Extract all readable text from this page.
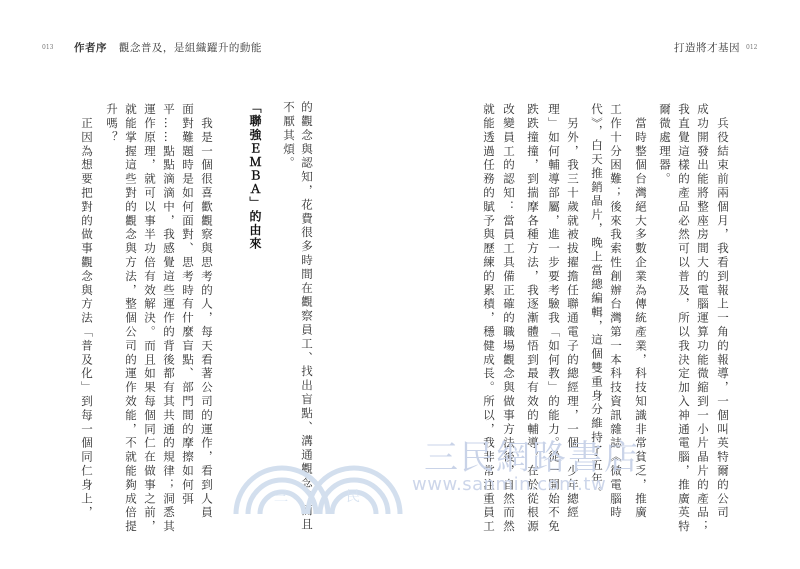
013 作者序 觀念普及，是組織躍升的動能
的觀念與認知，花費很多時間在觀察員工、找出盲點、溝通觀念，而且
不厭其煩。
「聯強ＥＭＢＡ」的由來
　我是一個很喜歡觀察與思考的人，每天看著公司的運作，看到人員
面對難題時是如何面對、思考時有什麼盲點、部門間的摩擦如何弭
平……點點滴滴中，我感覺這些運作的背後都有其共通的規律；洞悉其
運作原理，就可以事半功倍有效解決。而且如果每個同仁在做事之前，
就能掌握這些對的觀念與方法，整個公司的運作效能，不就能夠成倍提
升嗎？
　正因為想要把對的做事觀念與方法「普及化」到每一個同仁身上，
打造將才基因 012
　兵役結束前兩個月，我看到報上一角的報導，一個叫英特爾的公司
成功開發出能將整座房間大的電腦運算功能微縮到一小片晶片的產品；
我直覺這樣的產品必然可以普及，所以我決定加入神通電腦，推廣英特
爾微處理器。
　當時整個台灣絕大多數企業為傳統產業，科技知識非常貧乏，推廣
工作十分困難；後來我索性創辦台灣第一本科技資訊雜誌《微電腦時
代》，白天推銷晶片，晚上當總編輯，這個雙重身分維持了五年。
　另外，我三十歲就被拔擢擔任聯通電子的總經理，一個「少年總經
理」如何輔導部屬，進一步要考驗我「如何教」的能力。從一開始不免
跌跌撞撞，到揣摩各種方法，我逐漸體悟到最有效的輔導，在於從根源
改變員工的認知：當員工具備正確的職場觀念與做事方法後，自然而然
就能透過任務的賦予與歷練的累積，穩健成長。所以，我非常注重員工
三	民
三民網路書店
www.sanmin.com.tw
